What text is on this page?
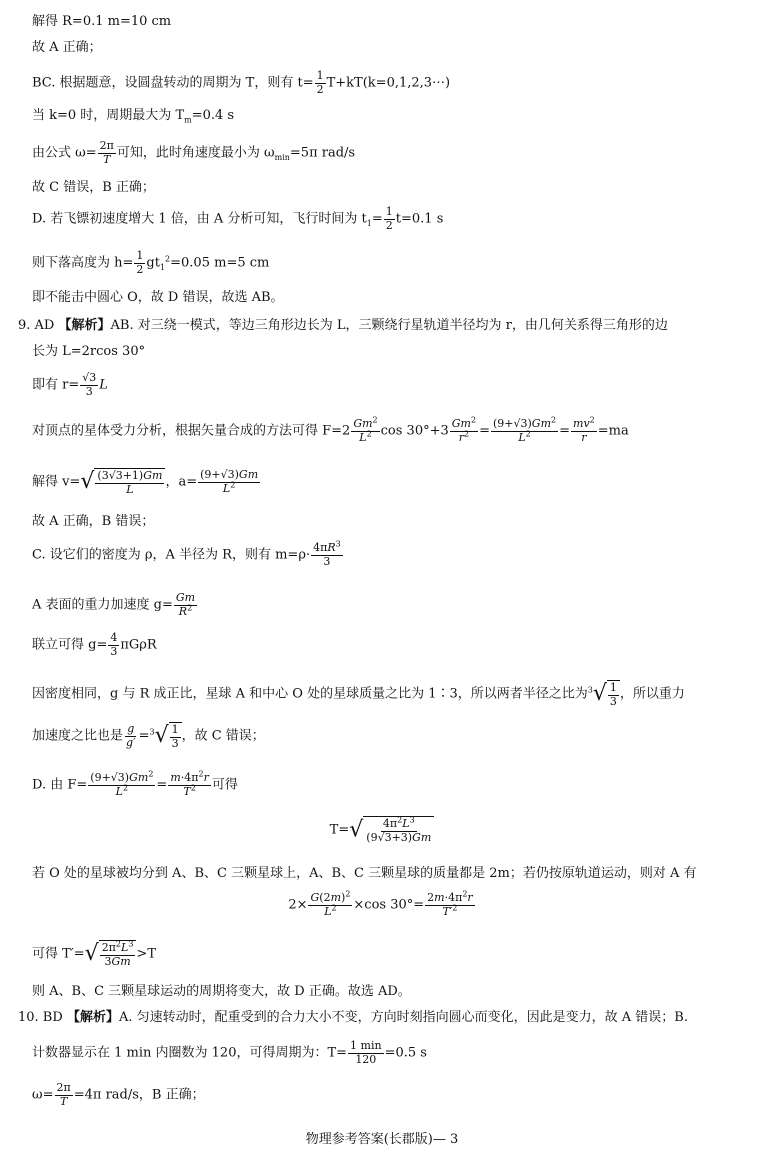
解得 R=0.1 m=10 cm
故 A 正确；
BC. 根据题意，设圆盘转动的周期为 T，则有 $t= \frac{1}{2}$ T+kT(k=0,1,2,3⋯)
当 k=0 时，周期最大为 $T_m=0.4$ s
由公式 $\omega= \frac{2\pi}{T}$ 可知，此时角速度最小为 $\omega_{min}=5\pi$ rad/s
故 C 错误，B 正确；
D. 若飞镖初速度增大 1 倍，由 A 分析可知，飞行时间为 $t_1= \frac{1}{2} t=0.1$ s
则下落高度为 $h= \frac{1}{2} gt_1^2=0.05$ m=5 cm
即不能击中圆心 O，故 D 错误，故选 AB。
9. AD 【解析】AB. 对三绕一模式，等边三角形边长为 L，三颗绕行星轨道半径均为 r，由几何关系得三角形的边
长为 L=2rcos 30°
即有 $r= \frac{√3}{3}$ L
对顶点的星体受力分析，根据矢量合成的方法可得 $F=2 \frac{Gm^2}{L^2}$ $\cos 30^\circ+3 \frac{Gm^2}{r^2} = \frac{(9+√3)Gm^2}{L^2} = \frac{mv^2}{r} =ma$
解得 $v=√ \frac{(3√3+1)Gm}{L}$ ，$a= \frac{(9+√3)Gm}{L^2}$
故 A 正确，B 错误；
C. 设它们的密度为 ρ，A 半径为 R，则有 $m=\rho\cdot \frac{4\pi R^3}{3}$
A 表面的重力加速度 $g= \frac{Gm}{R^2}$
联立可得 $g= \frac{4}{3}$ πGρR
因密度相同，g 与 R 成正比，星球 A 和中心 O 处的星球质量之比为 1∶3，所以两者半径之比为$^3√ \frac{1}{3}$ ，所以重力
加速度之比也是 $\frac{g}{g'} =^3√ \frac{1}{3}$ ，故 C 错误；
D. 由 $F= \frac{(9+√3)Gm^2}{L^2} = \frac{m\cdot 4\pi^2r}{T^2}$ 可得
$T=√ \frac{4\pi^2L^3}{(9√3+3)Gm}$
若 O 处的星球被均分到 A、B、C 三颗星球上，A、B、C 三颗星球的质量都是 2m；若仍按原轨道运动，则对 A 有
$2\times \frac{G(2m)^2}{L^2} \times\cos$ $30^\circ= \frac{2m\cdot 4\pi^2r}{T'^2}$
可得 $T'=√ \frac{2\pi^2L^3}{3Gm} >T$
则 A、B、C 三颗星球运动的周期将变大，故 D 正确。故选 AD。
10. BD 【解析】A. 匀速转动时，配重受到的合力大小不变，方向时刻指向圆心而变化，因此是变力，故 A 错误；B.
计数器显示在 1 min 内圈数为 120，可得周期为：T=
1 min
120 =0.5 s
$\omega= \frac{2\pi}{T} =4\pi$ rad/s，B 正确；
物理参考答案(长郡版)— 3
